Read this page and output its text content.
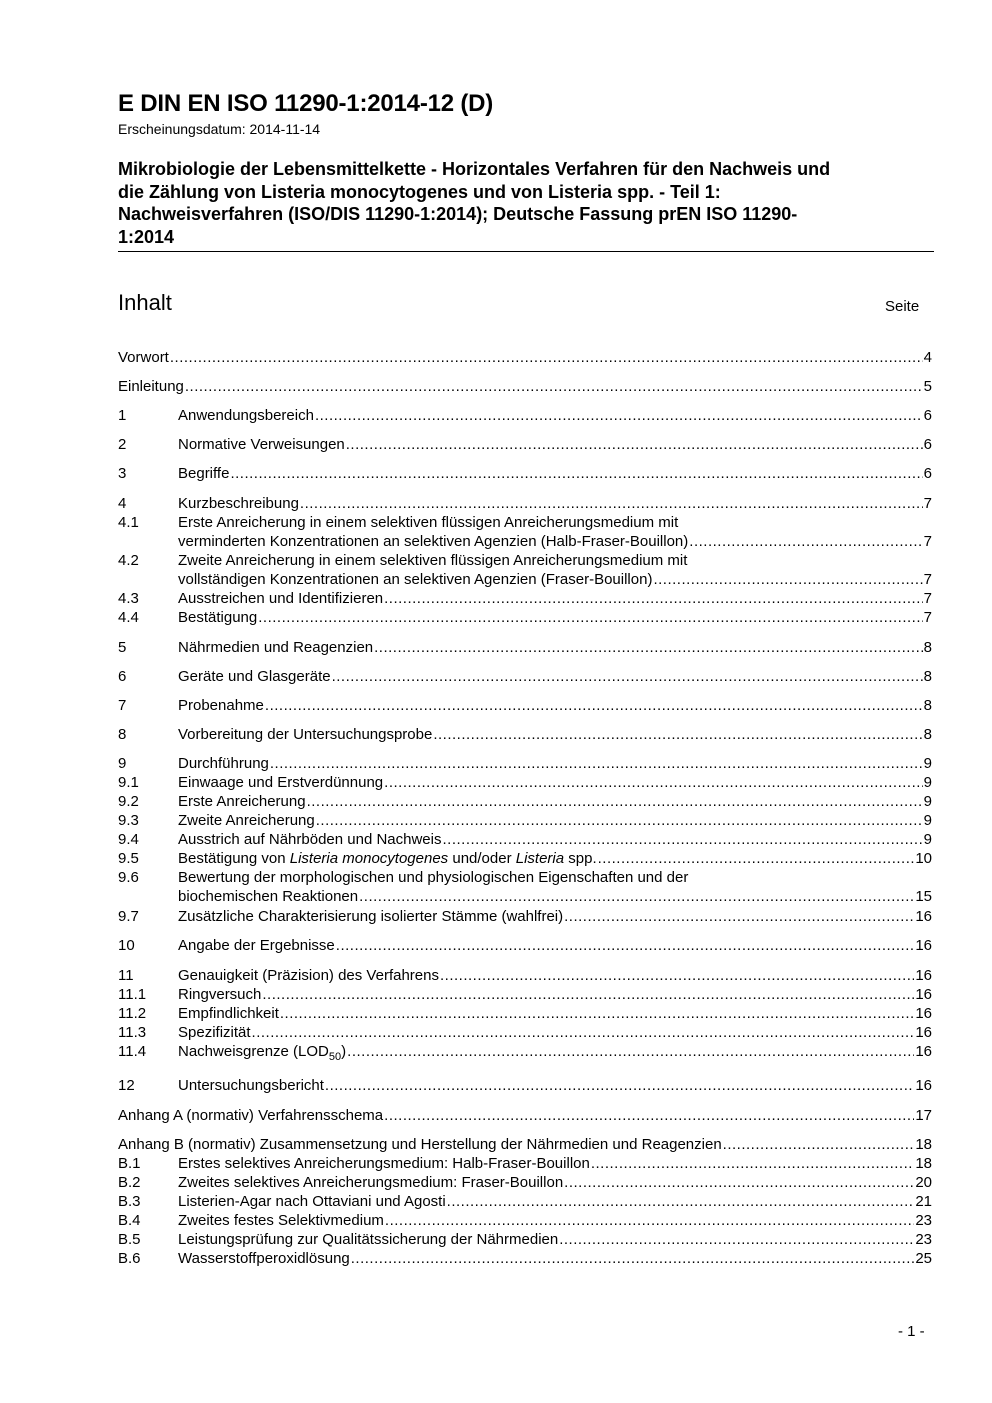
E DIN EN ISO 11290-1:2014-12 (D)
Erscheinungsdatum: 2014-11-14
Mikrobiologie der Lebensmittelkette - Horizontales Verfahren für den Nachweis und
die Zählung von Listeria monocytogenes und von Listeria spp. - Teil 1:
Nachweisverfahren (ISO/DIS 11290-1:2014); Deutsche Fassung prEN ISO 11290-
1:2014
Inhalt	Seite
Vorwort .....	4
Einleitung .....	5
1	Anwendungsbereich .....	6
2	Normative Verweisungen .....	6
3	Begriffe .....	6
4	Kurzbeschreibung .....	7
4.1	Erste Anreicherung in einem selektiven flüssigen Anreicherungsmedium mit
verminderten Konzentrationen an selektiven Agenzien (Halb-Fraser-Bouillon) .....	7
4.2	Zweite Anreicherung in einem selektiven flüssigen Anreicherungsmedium mit
vollständigen Konzentrationen an selektiven Agenzien (Fraser-Bouillon) .....	7
4.3	Ausstreichen und Identifizieren .....	7
4.4	Bestätigung .....	7
5	Nährmedien und Reagenzien .....	8
6	Geräte und Glasgeräte .....	8
7	Probenahme .....	8
8	Vorbereitung der Untersuchungsprobe .....	8
9	Durchführung .....	9
9.1	Einwaage und Erstverdünnung .....	9
9.2	Erste Anreicherung .....	9
9.3	Zweite Anreicherung .....	9
9.4	Ausstrich auf Nährböden und Nachweis .....	9
9.5	Bestätigung von Listeria monocytogenes und/oder Listeria spp. .....	10
9.6	Bewertung der morphologischen und physiologischen Eigenschaften und der
biochemischen Reaktionen .....	15
9.7	Zusätzliche Charakterisierung isolierter Stämme (wahlfrei) .....	16
10	Angabe der Ergebnisse .....	16
11	Genauigkeit (Präzision) des Verfahrens .....	16
11.1 Ringversuch .....	16
11.2 Empfindlichkeit .....	16
11.3 Spezifizität .....	16
11.4 Nachweisgrenze $(LOD_{50})$ .....	16
12	Untersuchungsbericht .....	16
Anhang A (normativ) Verfahrensschema .....	17
Anhang B (normativ) Zusammensetzung und Herstellung der Nährmedien und Reagenzien .....	18
B.1 Erstes selektives Anreicherungsmedium: Halb-Fraser-Bouillon .....	18
B.2 Zweites selektives Anreicherungsmedium: Fraser-Bouillon .....	20
B.3 Listerien-Agar nach Ottaviani und Agosti .....	21
B.4 Zweites festes Selektivmedium .....	23
B.5 Leistungsprüfung zur Qualitätssicherung der Nährmedien .....	23
B.6 Wasserstoffperoxidlösung .....	25
- 1 -
